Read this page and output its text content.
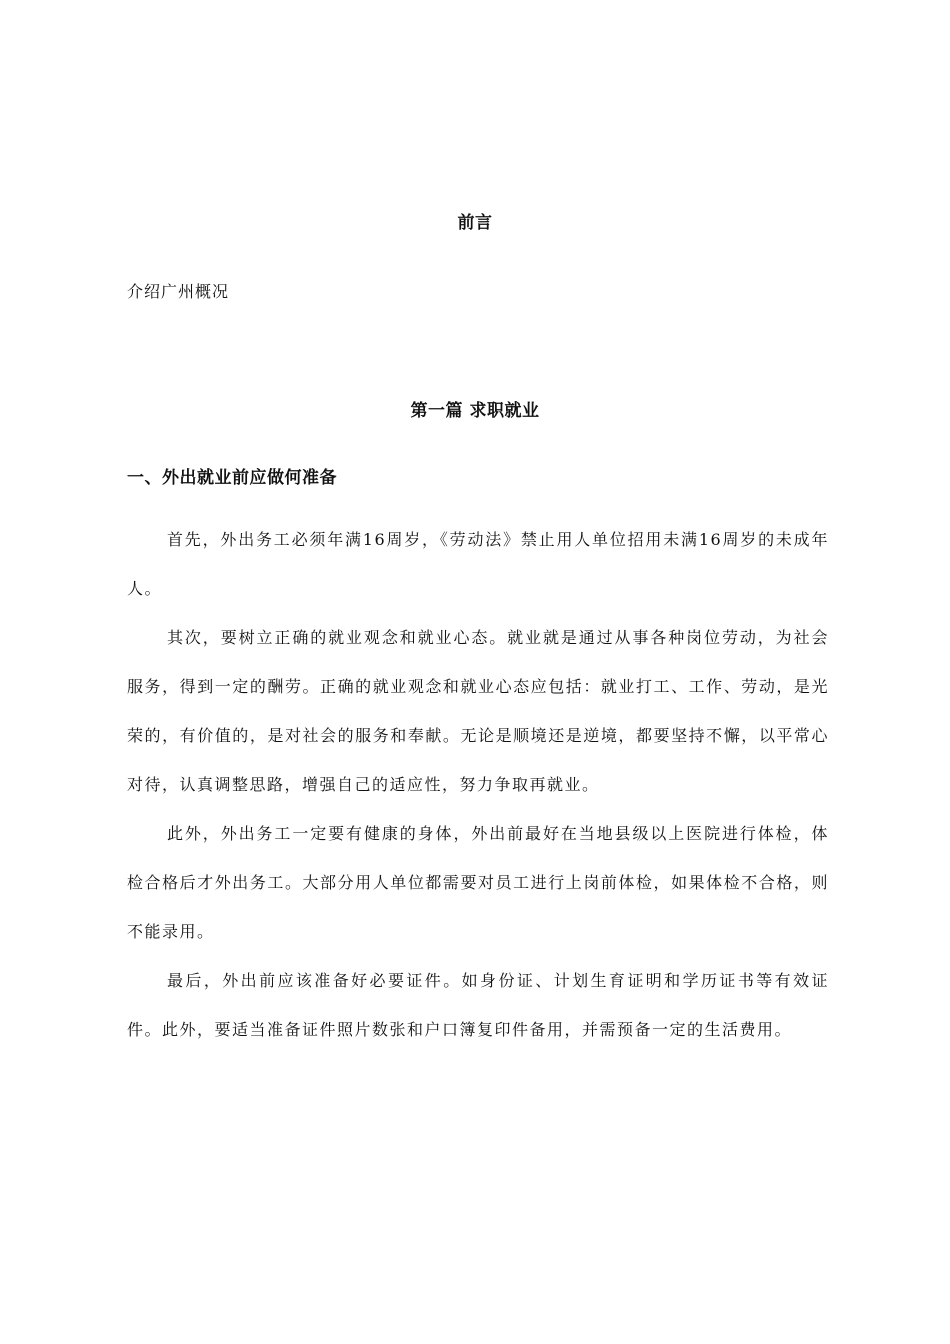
前言
介绍广州概况
第一篇 求职就业
一、外出就业前应做何准备

首先，外出务工必须年满16周岁，《劳动法》禁止用人单位招用未满16周岁的未成年人。

其次，要树立正确的就业观念和就业心态。就业就是通过从事各种岗位劳动，为社会服务，得到一定的酬劳。正确的就业观念和就业心态应包括：就业打工、工作、劳动，是光荣的，有价值的，是对社会的服务和奉献。无论是顺境还是逆境，都要坚持不懈，以平常心对待，认真调整思路，增强自己的适应性，努力争取再就业。

此外，外出务工一定要有健康的身体，外出前最好在当地县级以上医院进行体检，体检合格后才外出务工。大部分用人单位都需要对员工进行上岗前体检，如果体检不合格，则不能录用。

最后，外出前应该准备好必要证件。如身份证、计划生育证明和学历证书等有效证件。此外，要适当准备证件照片数张和户口簿复印件备用，并需预备一定的生活费用。
